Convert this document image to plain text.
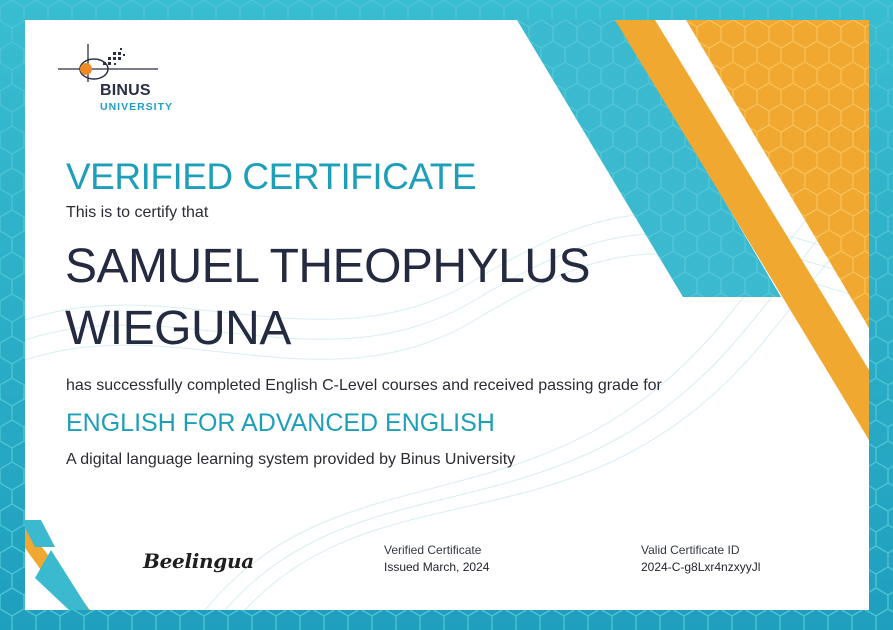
BINUS
UNIVERSITY
VERIFIED CERTIFICATE
This is to certify that
SAMUEL THEOPHYLUS
WIEGUNA
has successfully completed English C-Level courses and received passing grade for
ENGLISH FOR ADVANCED ENGLISH
A digital language learning system provided by Binus University
Beelingua	Verified Certificate
Issued March, 2024
Valid Certificate ID
2024-C-g8Lxr4nzxyyJl
